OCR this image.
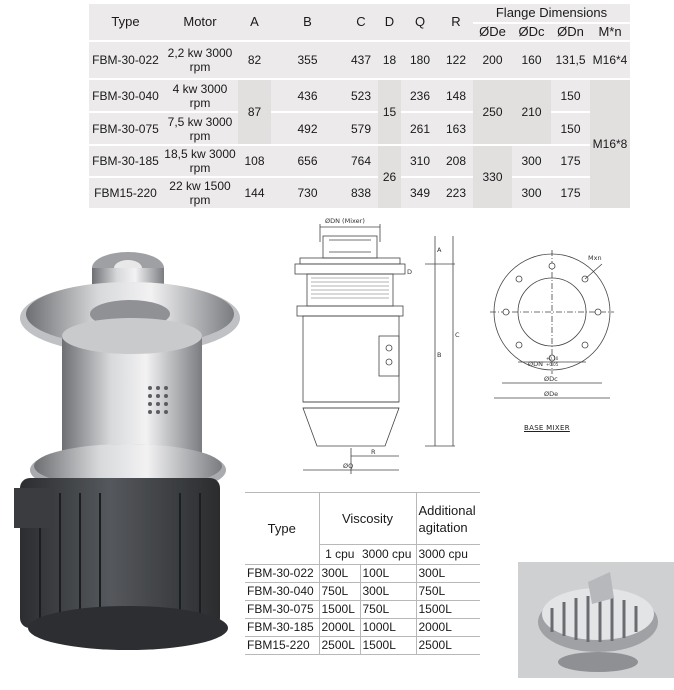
Type	Motor	A	B	C	D	Q	R	Flange Dimensions			
								ØDe	ØDc	ØDn	M*n
FBM-30-022	2,2 kw 3000 rpm	82	355	437	18	180	122	200	160	131,5	M16*4
FBM-30-040	4 kw 3000 rpm	87	436	523	15	236	148	250	210	150	M16*8
FBM-30-075	7,5 kw 3000 rpm		492	579		261	163			150	
FBM-30-185	18,5 kw 3000 rpm	108	656	764	26	310	208	330	300	175	
FBM15-220	22 kw 1500 rpm	144	730	838		349	223		300	175	
ØDN (Mixer)
A
B
C
D
R
ØQ
Mxn
ØDN
+0.10
+0.05
ØDc
ØDe
BASE MIXER
Type	Viscosity		Additional agitation
	1 cpu	3000 cpu	3000 cpu
FBM-30-022	300L	100L	300L
FBM-30-040	750L	300L	750L
FBM-30-075	1500L	750L	1500L
FBM-30-185	2000L	1000L	2000L
FBM15-220	2500L	1500L	2500L
